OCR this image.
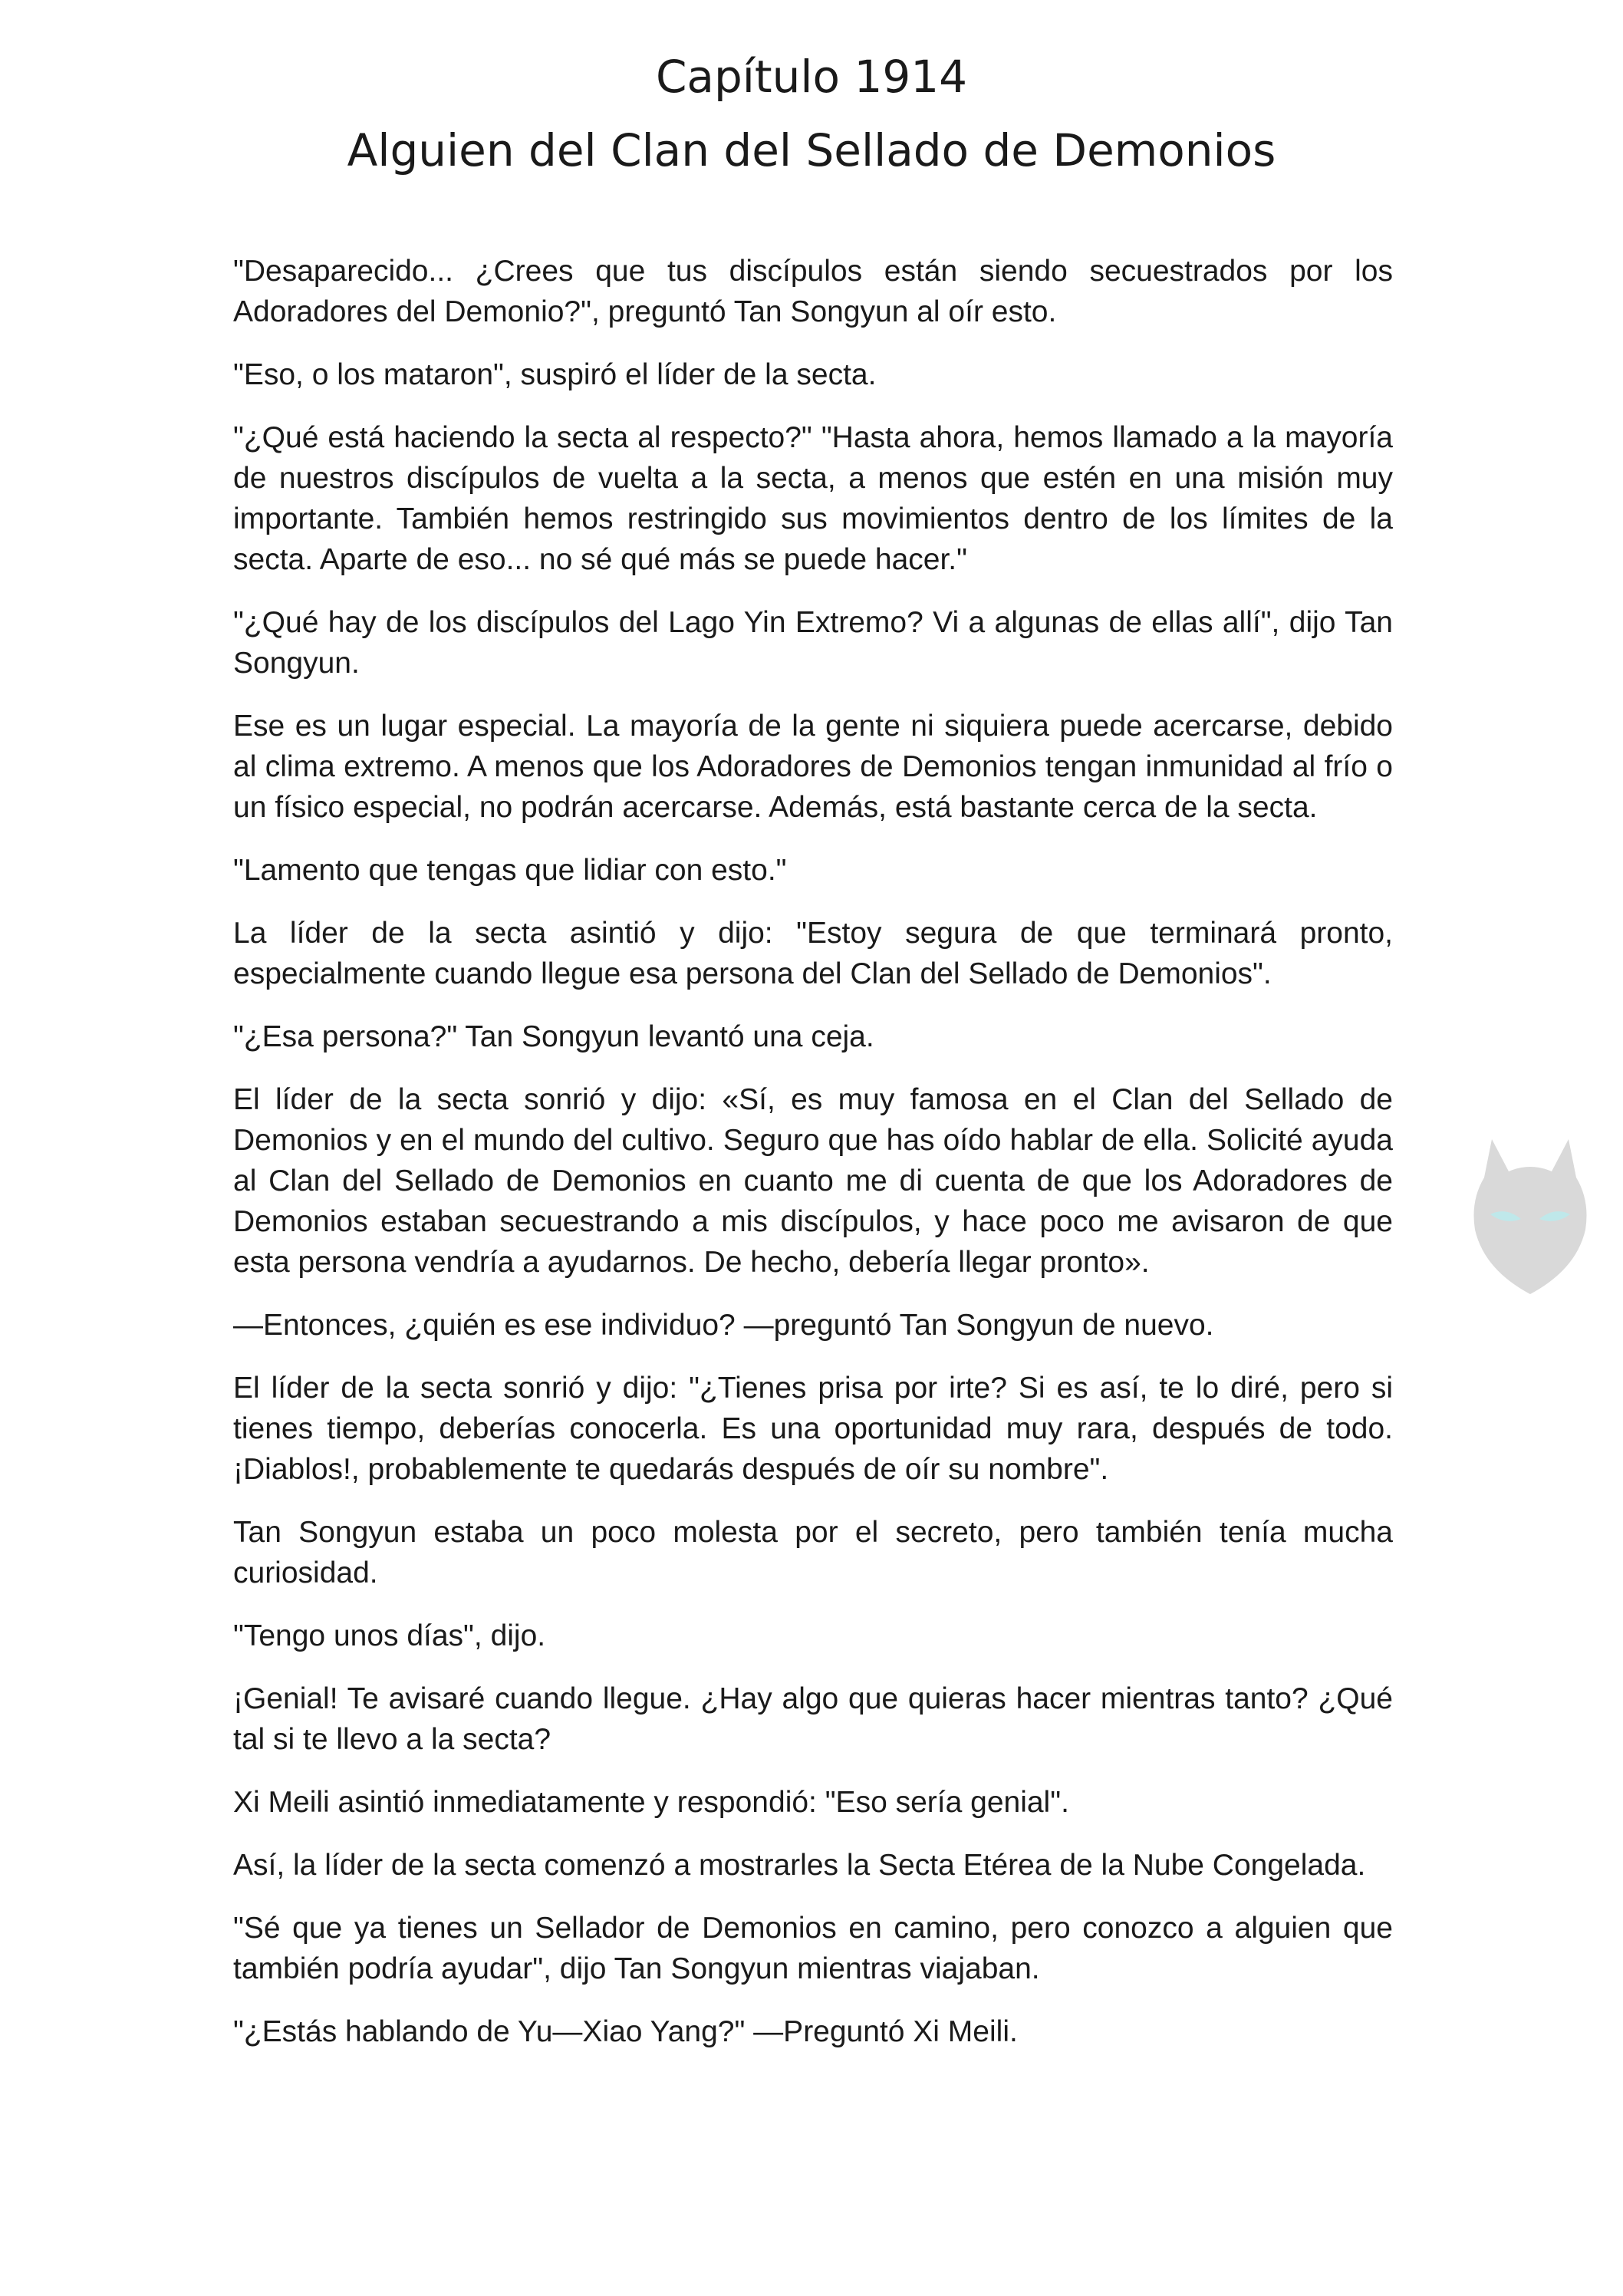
Capítulo 1914
Alguien del Clan del Sellado de Demonios

"Desaparecido... ¿Crees que tus discípulos están siendo secuestrados por los Adoradores del Demonio?", preguntó Tan Songyun al oír esto.

"Eso, o los mataron", suspiró el líder de la secta.

"¿Qué está haciendo la secta al respecto?" "Hasta ahora, hemos llamado a la mayoría de nuestros discípulos de vuelta a la secta, a menos que estén en una misión muy importante. También hemos restringido sus movimientos dentro de los límites de la secta. Aparte de eso... no sé qué más se puede hacer."

"¿Qué hay de los discípulos del Lago Yin Extremo? Vi a algunas de ellas allí", dijo Tan Songyun.

Ese es un lugar especial. La mayoría de la gente ni siquiera puede acercarse, debido al clima extremo. A menos que los Adoradores de Demonios tengan inmunidad al frío o un físico especial, no podrán acercarse. Además, está bastante cerca de la secta.

"Lamento que tengas que lidiar con esto."

La líder de la secta asintió y dijo: "Estoy segura de que terminará pronto, especialmente cuando llegue esa persona del Clan del Sellado de Demonios".

"¿Esa persona?" Tan Songyun levantó una ceja.

El líder de la secta sonrió y dijo: «Sí, es muy famosa en el Clan del Sellado de Demonios y en el mundo del cultivo. Seguro que has oído hablar de ella. Solicité ayuda al Clan del Sellado de Demonios en cuanto me di cuenta de que los Adoradores de Demonios estaban secuestrando a mis discípulos, y hace poco me avisaron de que esta persona vendría a ayudarnos. De hecho, debería llegar pronto».

—Entonces, ¿quién es ese individuo? —preguntó Tan Songyun de nuevo.

El líder de la secta sonrió y dijo: "¿Tienes prisa por irte? Si es así, te lo diré, pero si tienes tiempo, deberías conocerla. Es una oportunidad muy rara, después de todo. ¡Diablos!, probablemente te quedarás después de oír su nombre".

Tan Songyun estaba un poco molesta por el secreto, pero también tenía mucha curiosidad.

"Tengo unos días", dijo.

¡Genial! Te avisaré cuando llegue. ¿Hay algo que quieras hacer mientras tanto? ¿Qué tal si te llevo a la secta?

Xi Meili asintió inmediatamente y respondió: "Eso sería genial".

Así, la líder de la secta comenzó a mostrarles la Secta Etérea de la Nube Congelada.

"Sé que ya tienes un Sellador de Demonios en camino, pero conozco a alguien que también podría ayudar", dijo Tan Songyun mientras viajaban.

"¿Estás hablando de Yu—Xiao Yang?" —Preguntó Xi Meili.
